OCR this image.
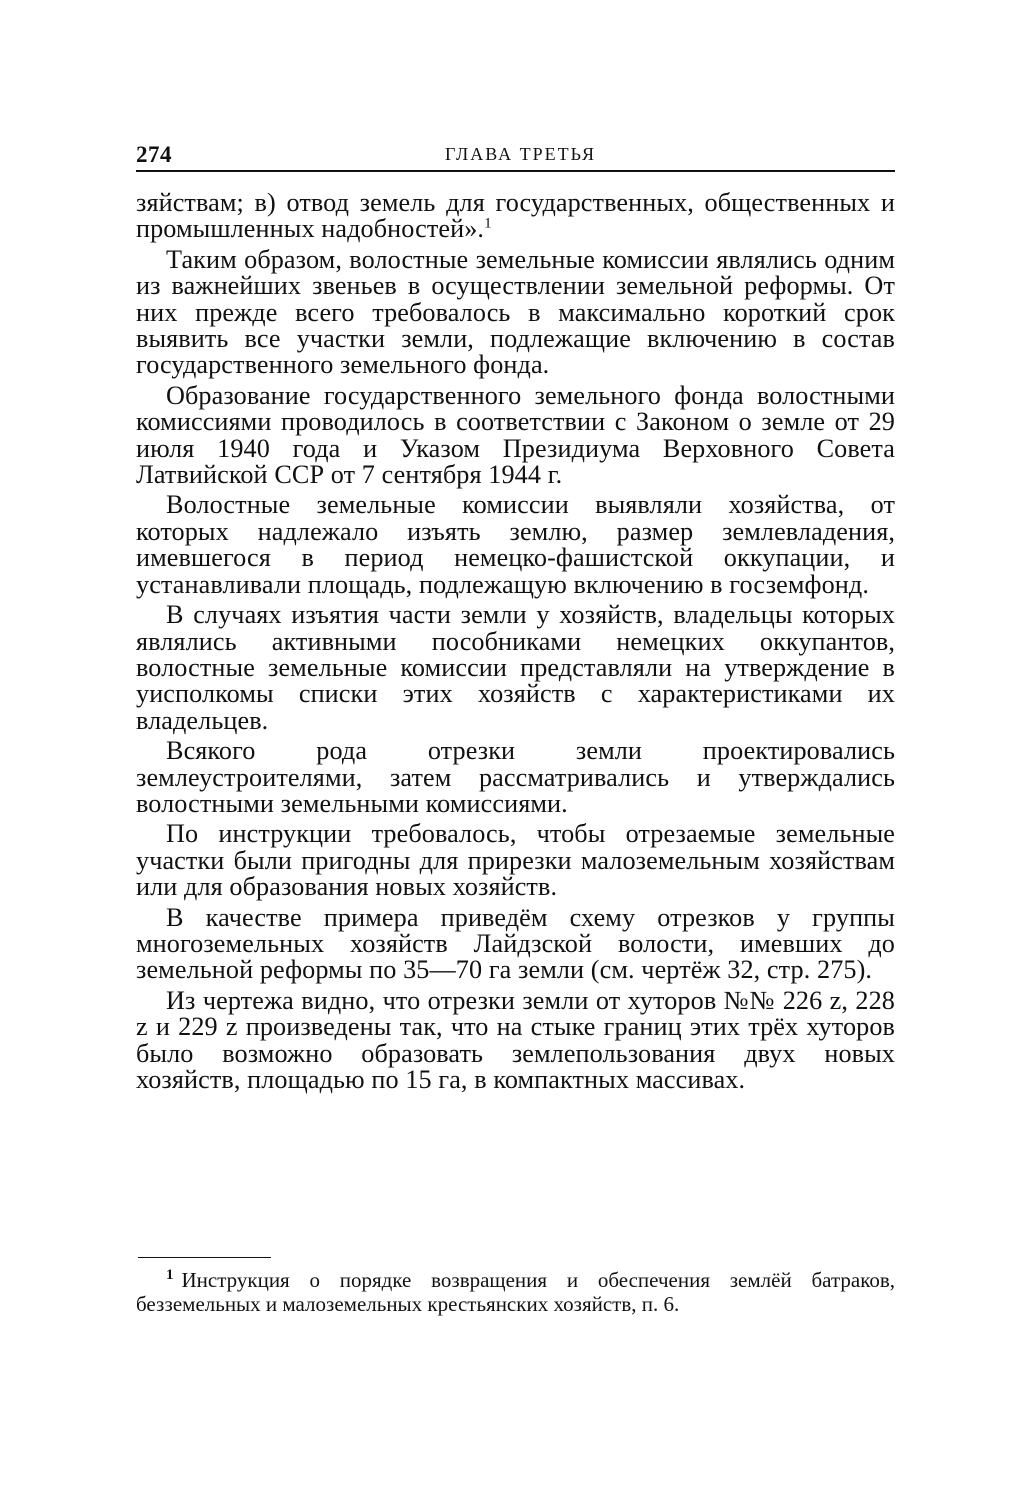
274	ГЛАВА ТРЕТЬЯ

зяйствам; в) отвод земель для государственных, общественных и промышленных надобностей».$^1$

Таким образом, волостные земельные комиссии являлись одним из важнейших звеньев в осуществлении земельной реформы. От них прежде всего требовалось в максимально короткий срок выявить все участки земли, подлежащие включению в состав государственного земельного фонда.

Образование государственного земельного фонда волостными комиссиями проводилось в соответствии с Законом о земле от 29 июля 1940 года и Указом Президиума Верховного Совета Латвийской ССР от 7 сентября 1944 г.

Волостные земельные комиссии выявляли хозяйства, от которых надлежало изъять землю, размер землевладения, имевшегося в период немецко-фашистской оккупации, и устанавливали площадь, подлежащую включению в госземфонд.

В случаях изъятия части земли у хозяйств, владельцы которых являлись активными пособниками немецких оккупантов, волостные земельные комиссии представляли на утверждение в уисполкомы списки этих хозяйств с характеристиками их владельцев.

Всякого рода отрезки земли проектировались землеустроителями, затем рассматривались и утверждались волостными земельными комиссиями.

По инструкции требовалось, чтобы отрезаемые земельные участки были пригодны для прирезки малоземельным хозяйствам или для образования новых хозяйств.

В качестве примера приведём схему отрезков у группы многоземельных хозяйств Лайдзской волости, имевших до земельной реформы по 35—70 га земли (см. чертёж 32, стр. 275).

Из чертежа видно, что отрезки земли от хуторов №№ 226 z, 228 z и 229 z произведены так, что на стыке границ этих трёх хуторов было возможно образовать землепользования двух новых хозяйств, площадью по 15 га, в компактных массивах.

$^1$ Инструкция о порядке возвращения и обеспечения землёй батраков, безземельных и малоземельных крестьянских хозяйств, п. 6.
